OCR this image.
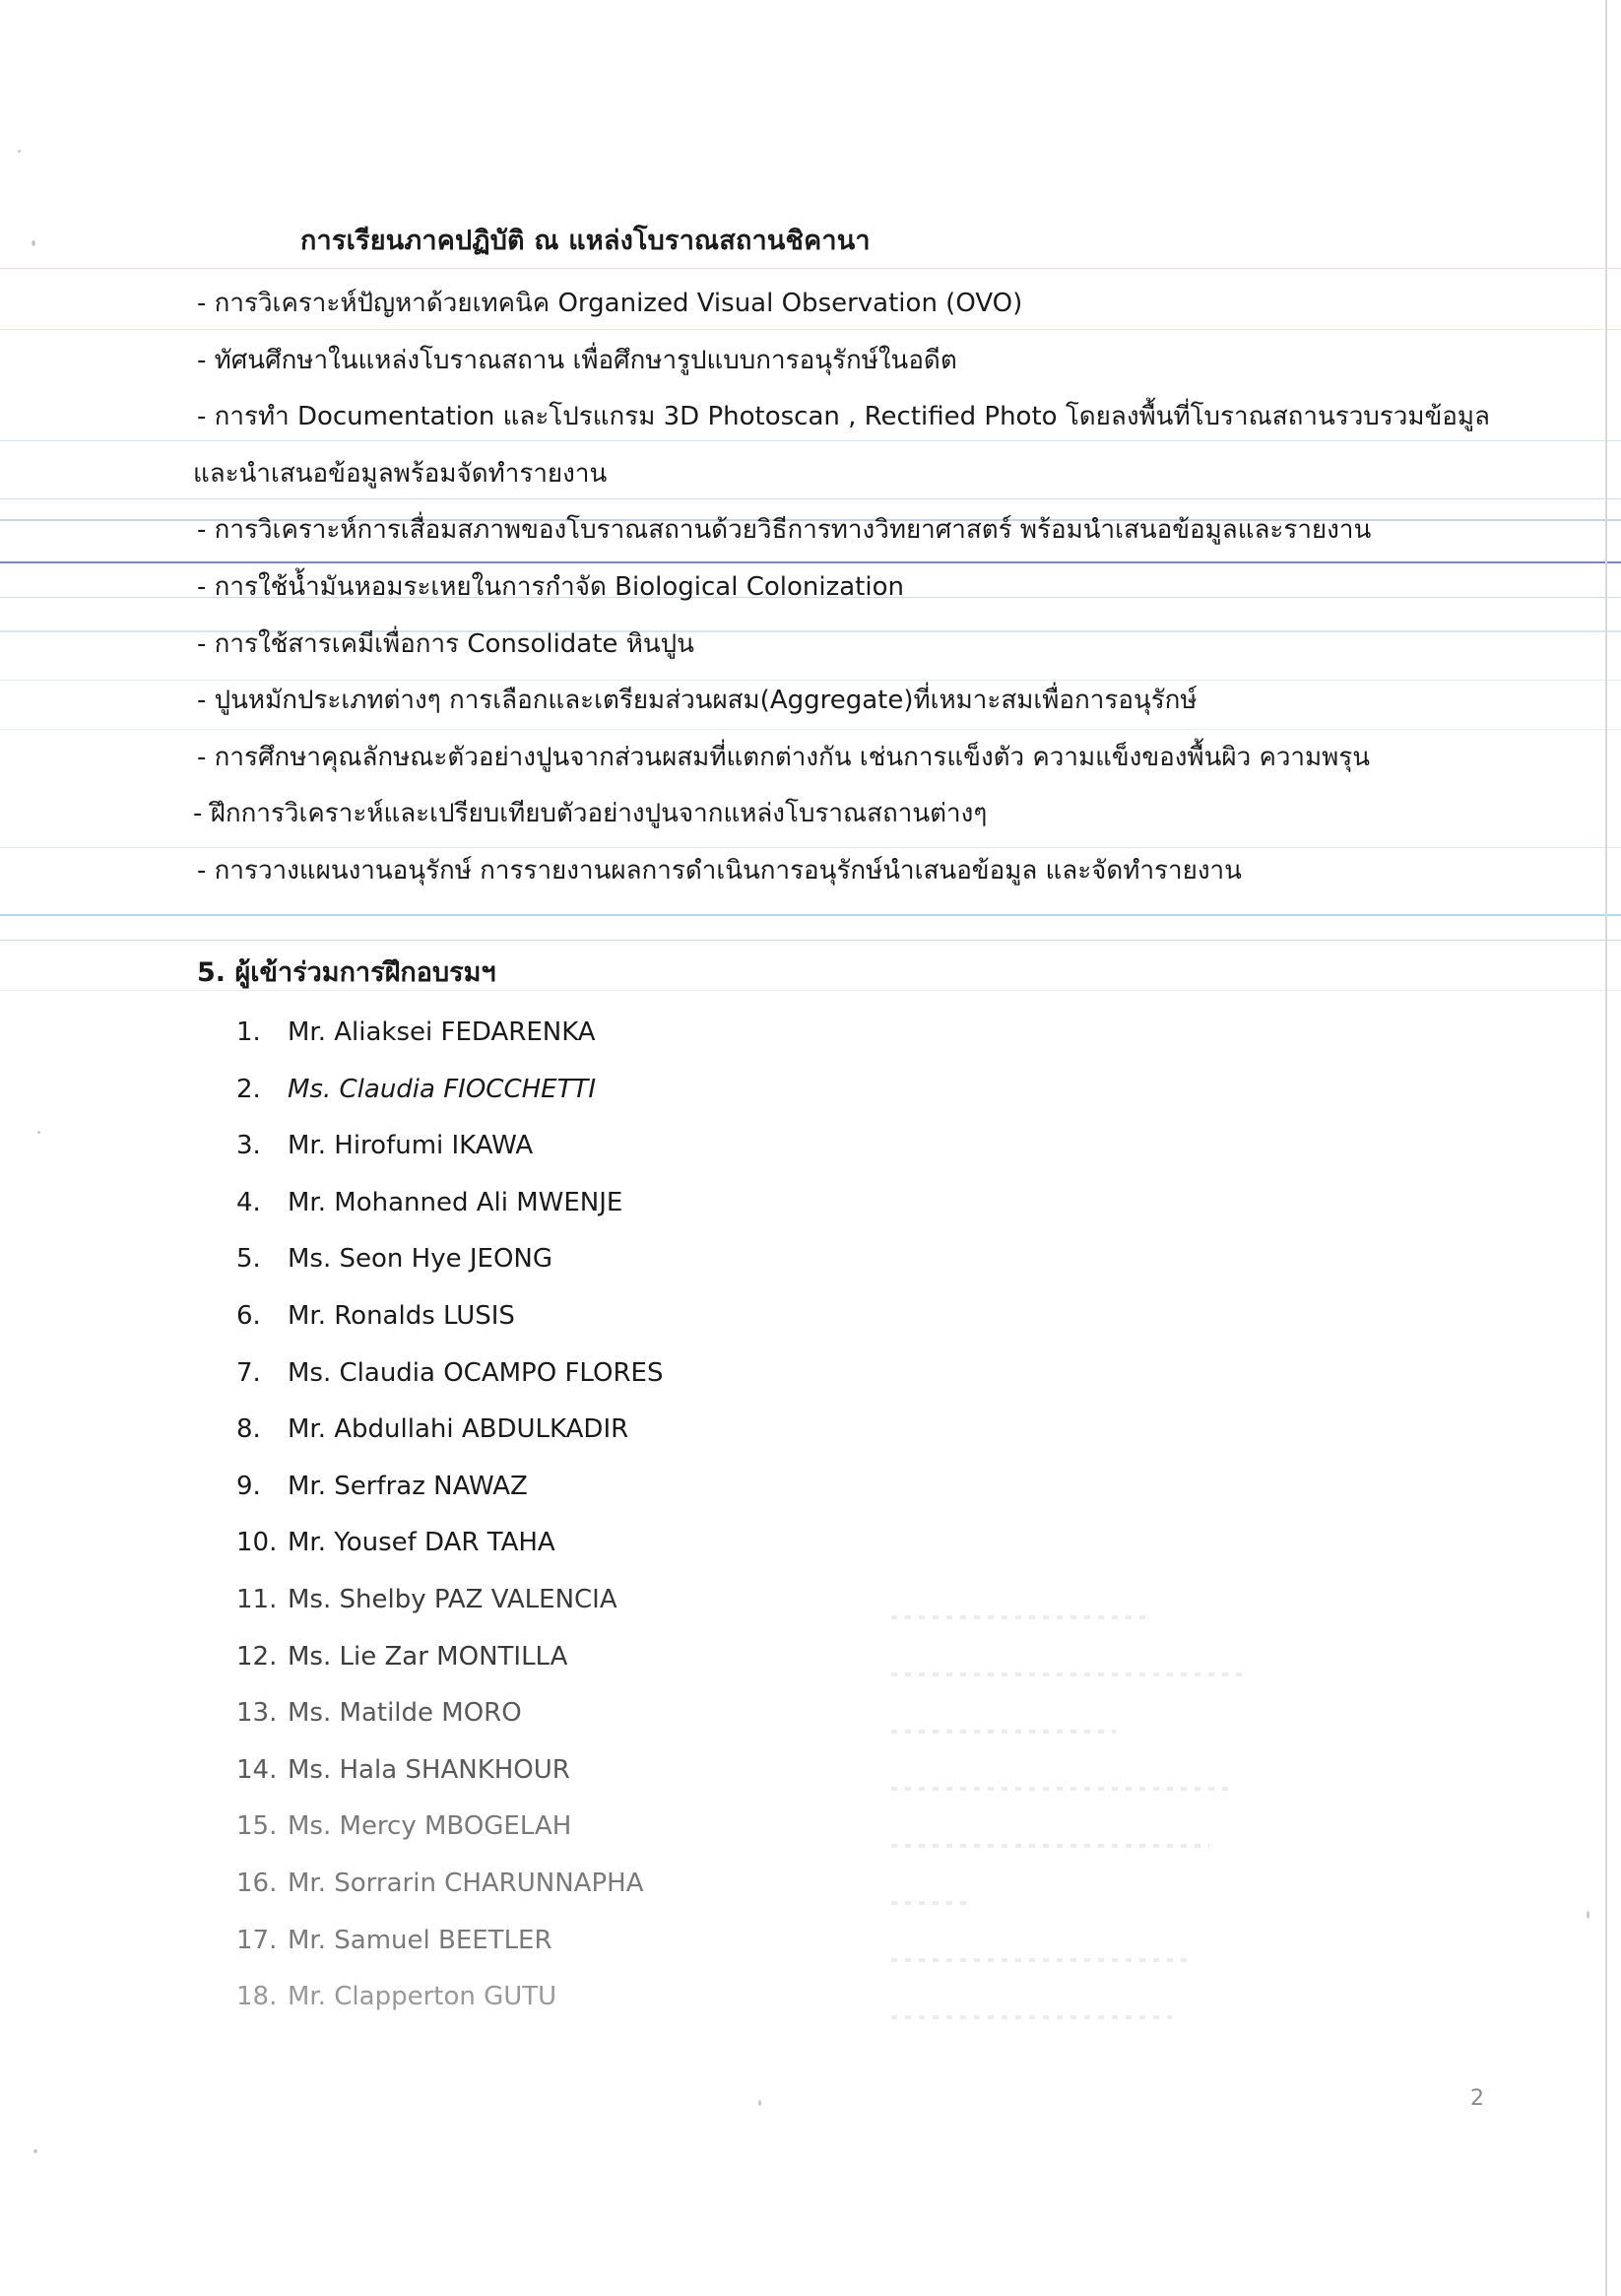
การเรียนภาคปฏิบัติ ณ แหล่งโบราณสถานชิคานา
- การวิเคราะห์ปัญหาด้วยเทคนิค Organized Visual Observation (OVO)
- ทัศนศึกษาในแหล่งโบราณสถาน เพื่อศึกษารูปแบบการอนุรักษ์ในอดีต
- การทำ Documentation และโปรแกรม 3D Photoscan , Rectified Photo โดยลงพื้นที่โบราณสถานรวบรวมข้อมูล
และนำเสนอข้อมูลพร้อมจัดทำรายงาน
- การวิเคราะห์การเสื่อมสภาพของโบราณสถานด้วยวิธีการทางวิทยาศาสตร์ พร้อมนำเสนอข้อมูลและรายงาน
- การใช้น้ำมันหอมระเหยในการกำจัด Biological Colonization
- การใช้สารเคมีเพื่อการ Consolidate หินปูน
- ปูนหมักประเภทต่างๆ การเลือกและเตรียมส่วนผสม(Aggregate)ที่เหมาะสมเพื่อการอนุรักษ์
- การศึกษาคุณลักษณะตัวอย่างปูนจากส่วนผสมที่แตกต่างกัน เช่นการแข็งตัว ความแข็งของพื้นผิว ความพรุน
- ฝึกการวิเคราะห์และเปรียบเทียบตัวอย่างปูนจากแหล่งโบราณสถานต่างๆ
- การวางแผนงานอนุรักษ์ การรายงานผลการดำเนินการอนุรักษ์นำเสนอข้อมูล และจัดทำรายงาน
5. ผู้เข้าร่วมการฝึกอบรมฯ
1.	Mr. Aliaksei FEDARENKA
2.	Ms. Claudia FIOCCHETTI
3.	Mr. Hirofumi IKAWA
4.	Mr. Mohanned Ali MWENJE
5.	Ms. Seon Hye JEONG
6.	Mr. Ronalds LUSIS
7.	Ms. Claudia OCAMPO FLORES
8.	Mr. Abdullahi ABDULKADIR
9.	Mr. Serfraz NAWAZ
10. Mr. Yousef DAR TAHA
11. Ms. Shelby PAZ VALENCIA
12. Ms. Lie Zar MONTILLA
13. Ms. Matilde MORO
14. Ms. Hala SHANKHOUR
15. Ms. Mercy MBOGELAH
16. Mr. Sorrarin CHARUNNAPHA
17. Mr. Samuel BEETLER
18. Mr. Clapperton GUTU
2
